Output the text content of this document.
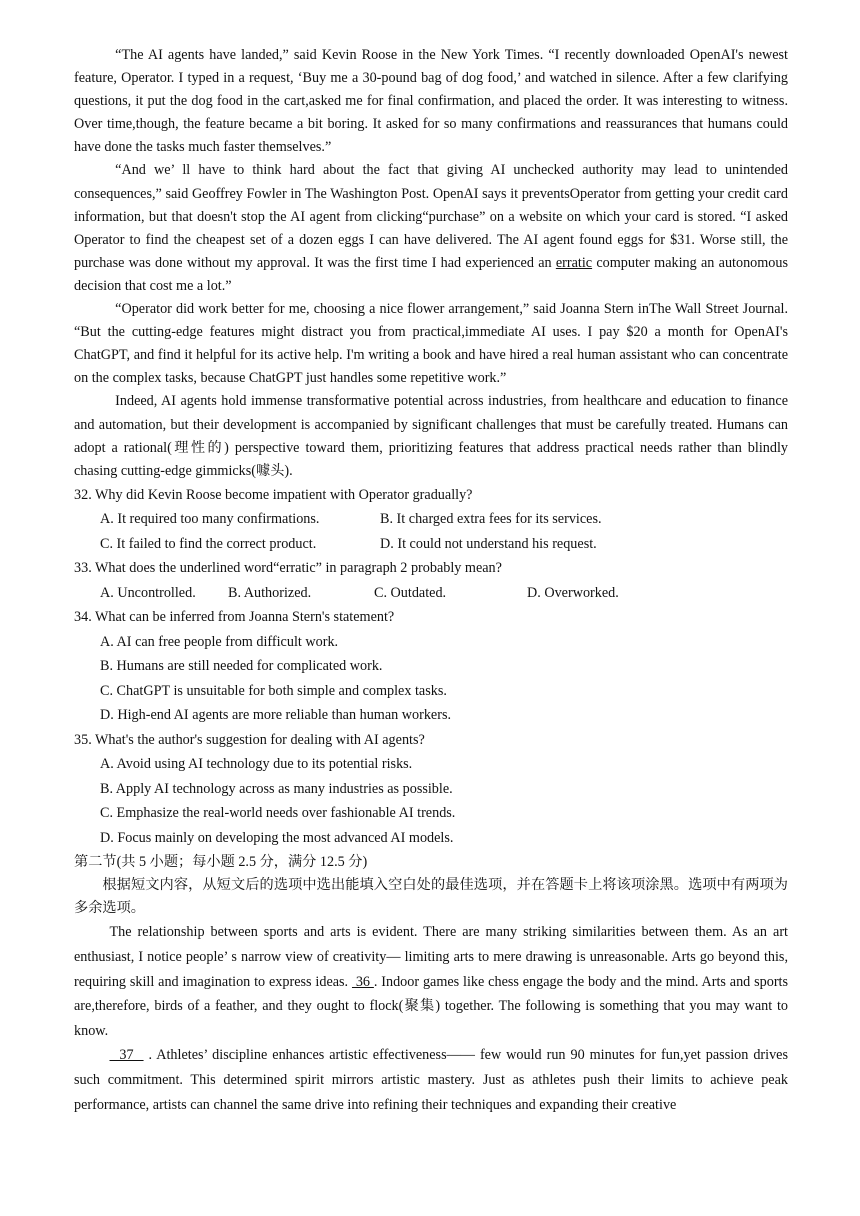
“The AI agents have landed,” said Kevin Roose in the New York Times. “I recently downloaded OpenAI's newest feature, Operator. I typed in a request, ‘Buy me a 30-pound bag of dog food,’ and watched in silence. After a few clarifying questions, it put the dog food in the cart,asked me for final confirmation, and placed the order. It was interesting to witness. Over time,though, the feature became a bit boring. It asked for so many confirmations and reassurances that humans could have done the tasks much faster themselves.”

“And we’ ll have to think hard about the fact that giving AI unchecked authority may lead to unintended consequences,” said Geoffrey Fowler in The Washington Post. OpenAI says it preventsOperator from getting your credit card information, but that doesn't stop the AI agent from clicking“purchase” on a website on which your card is stored. “I asked Operator to find the cheapest set of a dozen eggs I can have delivered. The AI agent found eggs for $31. Worse still, the purchase was done without my approval. It was the first time I had experienced an erratic computer making an autonomous decision that cost me a lot.”

“Operator did work better for me, choosing a nice flower arrangement,” said Joanna Stern inThe Wall Street Journal. “But the cutting-edge features might distract you from practical,immediate AI uses. I pay $20 a month for OpenAI's ChatGPT, and find it helpful for its active help. I'm writing a book and have hired a real human assistant who can concentrate on the complex tasks, because ChatGPT just handles some repetitive work.”

Indeed, AI agents hold immense transformative potential across industries, from healthcare and education to finance and automation, but their development is accompanied by significant challenges that must be carefully treated. Humans can adopt a rational(理性的) perspective toward them, prioritizing features that address practical needs rather than blindly chasing cutting-edge gimmicks(噱头).

32. Why did Kevin Roose become impatient with Operator gradually?

A. It required too many confirmations.	B. It charged extra fees for its services.
C. It failed to find the correct product.	D. It could not understand his request.

33. What does the underlined word“erratic” in paragraph 2 probably mean?

A. Uncontrolled.	B. Authorized.	C. Outdated.	D. Overworked.

34. What can be inferred from Joanna Stern's statement?

A. AI can free people from difficult work.

B. Humans are still needed for complicated work.

C. ChatGPT is unsuitable for both simple and complex tasks.

D. High-end AI agents are more reliable than human workers.

35. What's the author's suggestion for dealing with AI agents?

A. Avoid using AI technology due to its potential risks.

B. Apply AI technology across as many industries as possible.

C. Emphasize the real-world needs over fashionable AI trends.

D. Focus mainly on developing the most advanced AI models.

第二节(共 5 小题；每小题 2.5 分，满分 12.5 分)

根据短文内容，从短文后的选项中选出能填入空白处的最佳选项，并在答题卡上将该项涂黑。选项中有两项为多余选项。

The relationship between sports and arts is evident. There are many striking similarities between them. As an art enthusiast, I notice people’ s narrow view of creativity— limiting arts to mere drawing is unreasonable. Arts go beyond this, requiring skill and imagination to express ideas.  36 . Indoor games like chess engage the body and the mind. Arts and sports are,therefore, birds of a feather, and they ought to flock(聚集) together. The following is something that you may want to know.

37   . Athletes’ discipline enhances artistic effectiveness—— few would run 90 minutes for fun,yet passion drives such commitment. This determined spirit mirrors artistic mastery. Just as athletes push their limits to achieve peak performance, artists can channel the same drive into refining their techniques and expanding their creative
